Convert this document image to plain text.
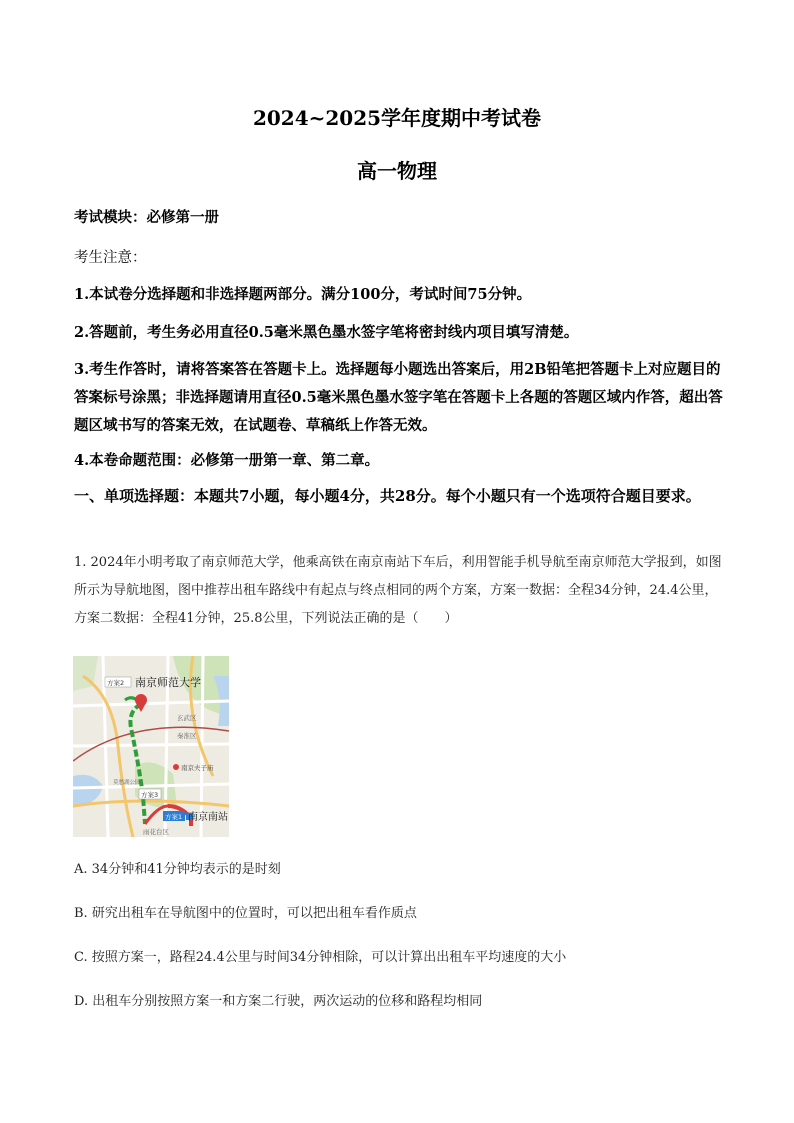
2024~2025学年度期中考试卷
高一物理
考试模块：必修第一册
考生注意：
1.本试卷分选择题和非选择题两部分。满分100分，考试时间75分钟。
2.答题前，考生务必用直径0.5毫米黑色墨水签字笔将密封线内项目填写清楚。
3.考生作答时，请将答案答在答题卡上。选择题每小题选出答案后，用2B铅笔把答题卡上对应题目的答案标号涂黑；非选择题请用直径0.5毫米黑色墨水签字笔在答题卡上各题的答题区域内作答，超出答题区域书写的答案无效，在试题卷、草稿纸上作答无效。
4.本卷命题范围：必修第一册第一章、第二章。
一、单项选择题：本题共7小题，每小题4分，共28分。每个小题只有一个选项符合题目要求。
1. 2024年小明考取了南京师范大学，他乘高铁在南京南站下车后，利用智能手机导航至南京师范大学报到，如图所示为导航地图，图中推荐出租车路线中有起点与终点相同的两个方案，方案一数据：全程34分钟，24.4公里，方案二数据：全程41分钟，25.8公里，下列说法正确的是（　　）
方案2 南京师范大学
玄武区
秦淮区
南京夫子庙
莫愁湖公园
方案3
方案1 南京南站
雨花台区
A. 34分钟和41分钟均表示的是时刻
B. 研究出租车在导航图中的位置时，可以把出租车看作质点
C. 按照方案一，路程24.4公里与时间34分钟相除，可以计算出出租车平均速度的大小
D. 出租车分别按照方案一和方案二行驶，两次运动的位移和路程均相同
